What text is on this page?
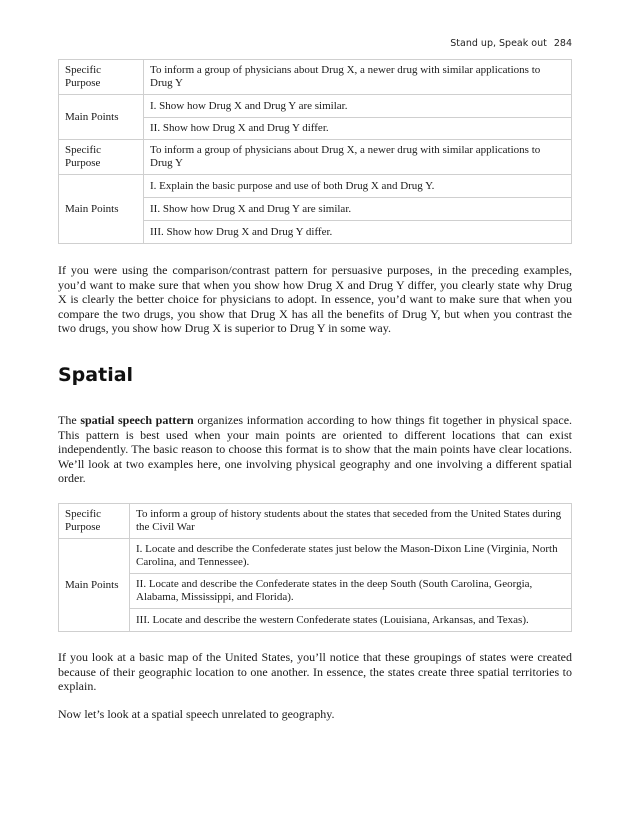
Stand up, Speak out 284
Specific Purpose	To inform a group of physicians about Drug X, a newer drug with similar applications to Drug Y
Main Points	I. Show how Drug X and Drug Y are similar.
	II. Show how Drug X and Drug Y differ.
Specific Purpose	To inform a group of physicians about Drug X, a newer drug with similar applications to Drug Y
Main Points	I. Explain the basic purpose and use of both Drug X and Drug Y.
	II. Show how Drug X and Drug Y are similar.
	III. Show how Drug X and Drug Y differ.

If you were using the comparison/contrast pattern for persuasive purposes, in the preceding examples, you’d want to make sure that when you show how Drug X and Drug Y differ, you clearly state why Drug X is clearly the better choice for physicians to adopt. In essence, you’d want to make sure that when you compare the two drugs, you show that Drug X has all the benefits of Drug Y, but when you contrast the two drugs, you show how Drug X is superior to Drug Y in some way.

Spatial

The spatial speech pattern organizes information according to how things fit together in physical space. This pattern is best used when your main points are oriented to different locations that can exist independently. The basic reason to choose this format is to show that the main points have clear locations. We’ll look at two examples here, one involving physical geography and one involving a different spatial order.

Specific Purpose	To inform a group of history students about the states that seceded from the United States during the Civil War
Main Points	I. Locate and describe the Confederate states just below the Mason-Dixon Line (Virginia, North Carolina, and Tennessee).
	II. Locate and describe the Confederate states in the deep South (South Carolina, Georgia, Alabama, Mississippi, and Florida).
	III. Locate and describe the western Confederate states (Louisiana, Arkansas, and Texas).

If you look at a basic map of the United States, you’ll notice that these groupings of states were created because of their geographic location to one another. In essence, the states create three spatial territories to explain.

Now let’s look at a spatial speech unrelated to geography.
